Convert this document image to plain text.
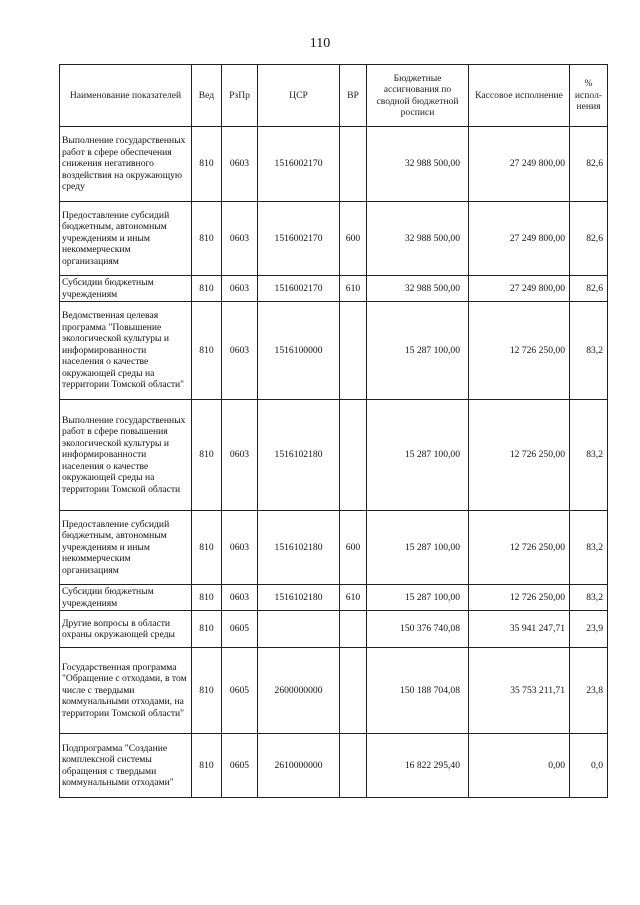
110
Наименование показателей	Вед	РзПр	ЦСР	ВР	Бюджетные ассигнования по сводной бюджетной росписи	Кассовое исполнение	% испол-нения
Выполнение государственных работ в сфере обеспечения снижения негативного воздействия на окружающую среду	810	0603	1516002170		32 988 500,00	27 249 800,00	82,6
Предоставление субсидий бюджетным, автономным учреждениям и иным некоммерческим организациям	810	0603	1516002170	600	32 988 500,00	27 249 800,00	82,6
Субсидии бюджетным учреждениям	810	0603	1516002170	610	32 988 500,00	27 249 800,00	82,6
Ведомственная целевая программа "Повышение экологической культуры и информированности населения о качестве окружающей среды на территории Томской области"	810	0603	1516100000		15 287 100,00	12 726 250,00	83,2
Выполнение государственных работ в сфере повышения экологической культуры и информированности населения о качестве окружающей среды на территории Томской области	810	0603	1516102180		15 287 100,00	12 726 250,00	83,2
Предоставление субсидий бюджетным, автономным учреждениям и иным некоммерческим организациям	810	0603	1516102180	600	15 287 100,00	12 726 250,00	83,2
Субсидии бюджетным учреждениям	810	0603	1516102180	610	15 287 100,00	12 726 250,00	83,2
Другие вопросы в области охраны окружающей среды	810	0605			150 376 740,08	35 941 247,71	23,9
Государственная программа "Обращение с отходами, в том числе с твердыми коммунальными отходами, на территории Томской области"	810	0605	2600000000		150 188 704,08	35 753 211,71	23,8
Подпрограмма "Создание комплексной системы обращения с твердыми коммунальными отходами"	810	0605	2610000000		16 822 295,40	0,00	0,0
